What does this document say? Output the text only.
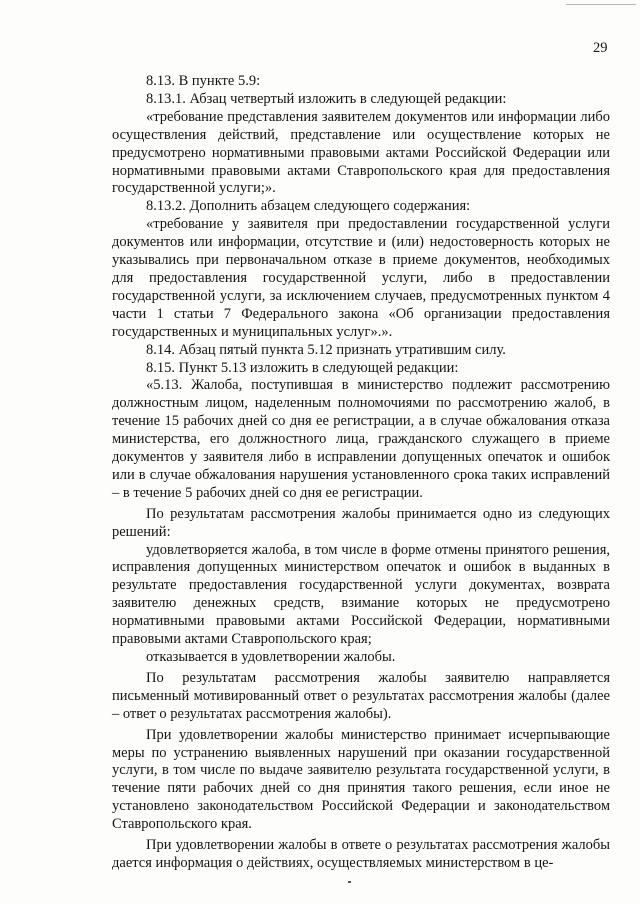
29

8.13. В пункте 5.9:

8.13.1. Абзац четвертый изложить в следующей редакции:

«требование представления заявителем документов или информации либо осуществления действий, представление или осуществление которых не предусмотрено нормативными правовыми актами Российской Федерации или нормативными правовыми актами Ставропольского края для предоставления государственной услуги;».

8.13.2. Дополнить абзацем следующего содержания:

«требование у заявителя при предоставлении государственной услуги документов или информации, отсутствие и (или) недостоверность которых не указывались при первоначальном отказе в приеме документов, необходимых для предоставления государственной услуги, либо в предоставлении государственной услуги, за исключением случаев, предусмотренных пунктом 4 части 1 статьи 7 Федерального закона «Об организации предоставления государственных и муниципальных услуг».».

8.14. Абзац пятый пункта 5.12 признать утратившим силу.

8.15. Пункт 5.13 изложить в следующей редакции:

«5.13. Жалоба, поступившая в министерство подлежит рассмотрению должностным лицом, наделенным полномочиями по рассмотрению жалоб, в течение 15 рабочих дней со дня ее регистрации, а в случае обжалования отказа министерства, его должностного лица, гражданского служащего в приеме документов у заявителя либо в исправлении допущенных опечаток и ошибок или в случае обжалования нарушения установленного срока таких исправлений – в течение 5 рабочих дней со дня ее регистрации.

По результатам рассмотрения жалобы принимается одно из следующих решений:

удовлетворяется жалоба, в том числе в форме отмены принятого решения, исправления допущенных министерством опечаток и ошибок в выданных в результате предоставления государственной услуги документах, возврата заявителю денежных средств, взимание которых не предусмотрено нормативными правовыми актами Российской Федерации, нормативными правовыми актами Ставропольского края;

отказывается в удовлетворении жалобы.

По результатам рассмотрения жалобы заявителю направляется письменный мотивированный ответ о результатах рассмотрения жалобы (далее – ответ о результатах рассмотрения жалобы).

При удовлетворении жалобы министерство принимает исчерпывающие меры по устранению выявленных нарушений при оказании государственной услуги, в том числе по выдаче заявителю результата государственной услуги, в течение пяти рабочих дней со дня принятия такого решения, если иное не установлено законодательством Российской Федерации и законодательством Ставропольского края.

При удовлетворении жалобы в ответе о результатах рассмотрения жалобы дается информация о действиях, осуществляемых министерством в це-
